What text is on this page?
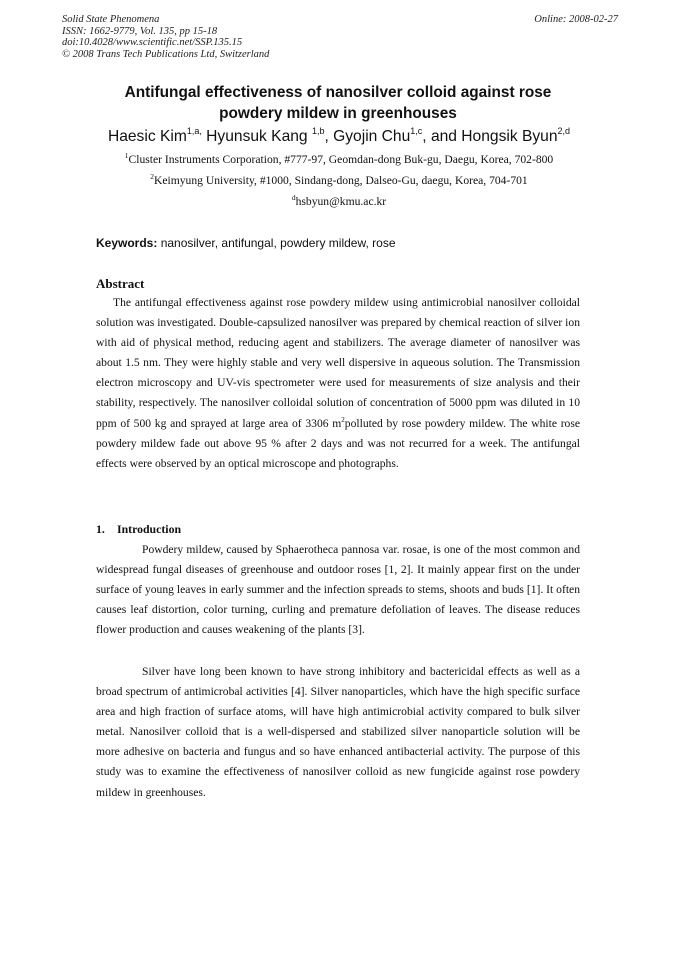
Solid State Phenomena
ISSN: 1662-9779, Vol. 135, pp 15-18
doi:10.4028/www.scientific.net/SSP.135.15
© 2008 Trans Tech Publications Ltd, Switzerland
Online: 2008-02-27
Antifungal effectiveness of nanosilver colloid against rose
powdery mildew in greenhouses
Haesic Kim$^{1,a,}$ Hyunsuk Kang $^{1,b}$, Gyojin Chu$^{1,c}$, and Hongsik Byun$^{2,d}$
$^1$Cluster Instruments Corporation, #777-97, Geomdan-dong Buk-gu, Daegu, Korea, 702-800
$^2$Keimyung University, #1000, Sindang-dong, Dalseo-Gu, daegu, Korea, 704-701
$^d$hsbyun@kmu.ac.kr
Keywords: nanosilver, antifungal, powdery mildew, rose
Abstract

The antifungal effectiveness against rose powdery mildew using antimicrobial nanosilver colloidal solution was investigated. Double-capsulized nanosilver was prepared by chemical reaction of silver ion with aid of physical method, reducing agent and stabilizers. The average diameter of nanosilver was about 1.5 nm. They were highly stable and very well dispersive in aqueous solution. The Transmission electron microscopy and UV-vis spectrometer were used for measurements of size analysis and their stability, respectively. The nanosilver colloidal solution of concentration of 5000 ppm was diluted in 10 ppm of 500 kg and sprayed at large area of 3306 $m^2polluted$ by rose powdery mildew. The white rose powdery mildew fade out above 95 % after 2 days and was not recurred for a week. The antifungal effects were observed by an optical microscope and photographs.

1. Introduction

Powdery mildew, caused by Sphaerotheca pannosa var. rosae, is one of the most common and widespread fungal diseases of greenhouse and outdoor roses [1, 2]. It mainly appear first on the under surface of young leaves in early summer and the infection spreads to stems, shoots and buds [1]. It often causes leaf distortion, color turning, curling and premature defoliation of leaves. The disease reduces flower production and causes weakening of the plants [3].

Silver have long been known to have strong inhibitory and bactericidal effects as well as a broad spectrum of antimicrobal activities [4]. Silver nanoparticles, which have the high specific surface area and high fraction of surface atoms, will have high antimicrobial activity compared to bulk silver metal. Nanosilver colloid that is a well-dispersed and stabilized silver nanoparticle solution will be more adhesive on bacteria and fungus and so have enhanced antibacterial activity. The purpose of this study was to examine the effectiveness of nanosilver colloid as new fungicide against rose powdery mildew in greenhouses.
